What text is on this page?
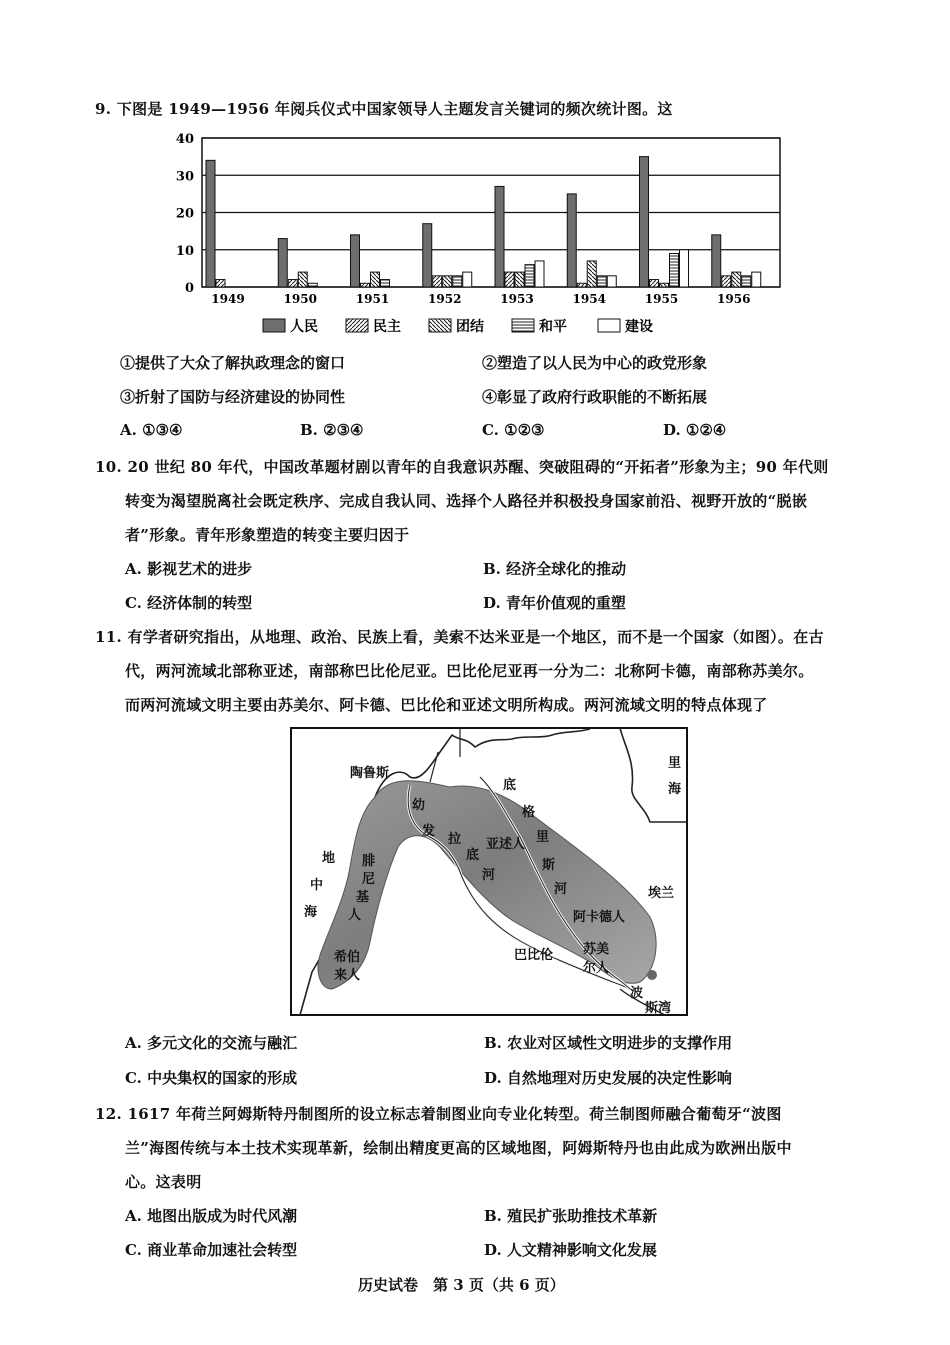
9. 下图是 1949—1956 年阅兵仪式中国家领导人主题发言关键词的频次统计图。这
0
10
20
30
40
1949	1950	1951	1952	1953	1954	1955	1956
人民	民主	团结	和平	建设
①提供了大众了解执政理念的窗口	②塑造了以人民为中心的政党形象
③折射了国防与经济建设的协同性	④彰显了政府行政职能的不断拓展
A. ①③④	B. ②③④	C. ①②③	D. ①②④
10. 20 世纪 80 年代，中国改革题材剧以青年的自我意识苏醒、突破阻碍的“开拓者”形象为主；90 年代则
转变为渴望脱离社会既定秩序、完成自我认同、选择个人路径并积极投身国家前沿、视野开放的“脱嵌
者”形象。青年形象塑造的转变主要归因于
A. 影视艺术的进步	B. 经济全球化的推动
C. 经济体制的转型	D. 青年价值观的重塑
11. 有学者研究指出，从地理、政治、民族上看，美索不达米亚是一个地区，而不是一个国家（如图）。在古
代，两河流域北部称亚述，南部称巴比伦尼亚。巴比伦尼亚再一分为二：北称阿卡德，南部称苏美尔。
而两河流域文明主要由苏美尔、阿卡德、巴比伦和亚述文明所构成。两河流域文明的特点体现了
陶鲁斯
里
海
地
中
海
腓
尼
基
人
希伯
来人
幼
发
拉
底
河
底
格
里
斯
河
亚述人
阿卡德人
巴比伦 苏美
尔人
埃兰
波
斯湾
A. 多元文化的交流与融汇	B. 农业对区域性文明进步的支撑作用
C. 中央集权的国家的形成	D. 自然地理对历史发展的决定性影响
12. 1617 年荷兰阿姆斯特丹制图所的设立标志着制图业向专业化转型。荷兰制图师融合葡萄牙“波图
兰”海图传统与本土技术实现革新，绘制出精度更高的区域地图，阿姆斯特丹也由此成为欧洲出版中
心。这表明
A. 地图出版成为时代风潮	B. 殖民扩张助推技术革新
C. 商业革命加速社会转型	D. 人文精神影响文化发展
历史试卷　第 3 页（共 6 页）
